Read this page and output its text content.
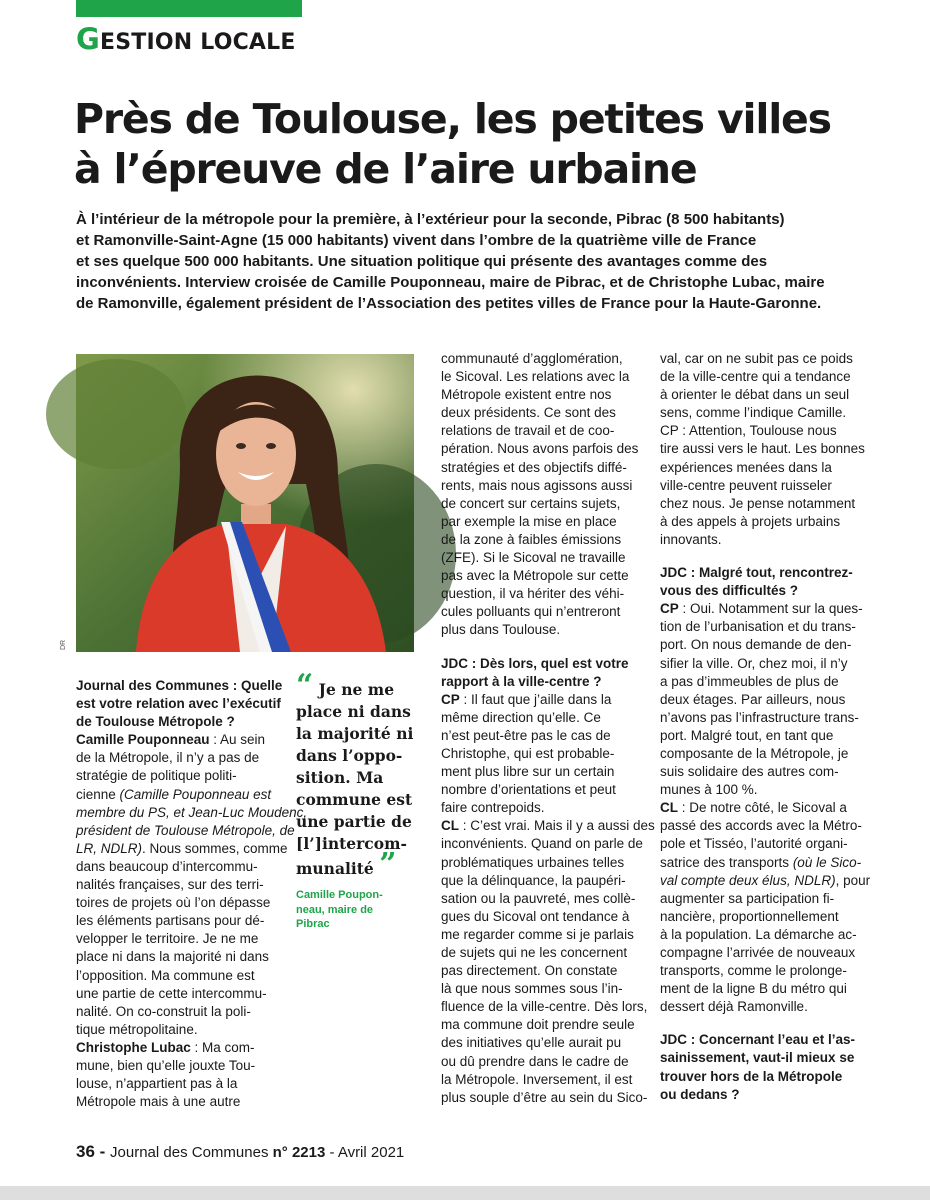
GESTION LOCALE
Près de Toulouse, les petites villes
à l’épreuve de l’aire urbaine
À l’intérieur de la métropole pour la première, à l’extérieur pour la seconde, Pibrac (8 500 habitants)
et Ramonville-Saint-Agne (15 000 habitants) vivent dans l’ombre de la quatrième ville de France
et ses quelque 500 000 habitants. Une situation politique qui présente des avantages comme des
inconvénients. Interview croisée de Camille Pouponneau, maire de Pibrac, et de Christophe Lubac, maire
de Ramonville, également président de l’Association des petites villes de France pour la Haute-Garonne.
DR
Journal des Communes : Quelle
est votre relation avec l’exécutif
de Toulouse Métropole ?
Camille Pouponneau : Au sein
de la Métropole, il n’y a pas de
stratégie de politique politi-
cienne (Camille Pouponneau est
membre du PS, et Jean-Luc Moudenc,
président de Toulouse Métropole, de
LR, NDLR). Nous sommes, comme
dans beaucoup d’intercommu-
nalités françaises, sur des terri-
toires de projets où l’on dépasse
les éléments partisans pour dé-
velopper le territoire. Je ne me
place ni dans la majorité ni dans
l’opposition. Ma commune est
une partie de cette intercommu-
nalité. On co-construit la poli-
tique métropolitaine.
Christophe Lubac : Ma com-
mune, bien qu’elle jouxte Tou-
louse, n’appartient pas à la
Métropole mais à une autre
“ Je ne me
place ni dans
la majorité ni
dans l’oppo-
sition. Ma
commune est
une partie de
[l’]intercom-
munalité ”
Camille Poupon-
neau, maire de
Pibrac
communauté d’agglomération,
le Sicoval. Les relations avec la
Métropole existent entre nos
deux présidents. Ce sont des
relations de travail et de coo-
pération. Nous avons parfois des
stratégies et des objectifs diffé-
rents, mais nous agissons aussi
de concert sur certains sujets,
par exemple la mise en place
de la zone à faibles émissions
(ZFE). Si le Sicoval ne travaille
pas avec la Métropole sur cette
question, il va hériter des véhi-
cules polluants qui n’entreront
plus dans Toulouse.
JDC : Dès lors, quel est votre
rapport à la ville-centre ?
CP : Il faut que j’aille dans la
même direction qu’elle. Ce
n’est peut-être pas le cas de
Christophe, qui est probable-
ment plus libre sur un certain
nombre d’orientations et peut
faire contrepoids.
CL : C’est vrai. Mais il y a aussi des
inconvénients. Quand on parle de
problématiques urbaines telles
que la délinquance, la paupéri-
sation ou la pauvreté, mes collè-
gues du Sicoval ont tendance à
me regarder comme si je parlais
de sujets qui ne les concernent
pas directement. On constate
là que nous sommes sous l’in-
fluence de la ville-centre. Dès lors,
ma commune doit prendre seule
des initiatives qu’elle aurait pu
ou dû prendre dans le cadre de
la Métropole. Inversement, il est
plus souple d’être au sein du Sico-
val, car on ne subit pas ce poids
de la ville-centre qui a tendance
à orienter le débat dans un seul
sens, comme l’indique Camille.
CP : Attention, Toulouse nous
tire aussi vers le haut. Les bonnes
expériences menées dans la
ville-centre peuvent ruisseler
chez nous. Je pense notamment
à des appels à projets urbains
innovants.
JDC : Malgré tout, rencontrez-
vous des difficultés ?
CP : Oui. Notamment sur la ques-
tion de l’urbanisation et du trans-
port. On nous demande de den-
sifier la ville. Or, chez moi, il n’y
a pas d’immeubles de plus de
deux étages. Par ailleurs, nous
n’avons pas l’infrastructure trans-
port. Malgré tout, en tant que
composante de la Métropole, je
suis solidaire des autres com-
munes à 100 %.
CL : De notre côté, le Sicoval a
passé des accords avec la Métro-
pole et Tisséo, l’autorité organi-
satrice des transports (où le Sico-
val compte deux élus, NDLR), pour
augmenter sa participation fi-
nancière, proportionnellement
à la population. La démarche ac-
compagne l’arrivée de nouveaux
transports, comme le prolonge-
ment de la ligne B du métro qui
dessert déjà Ramonville.
JDC : Concernant l’eau et l’as-
sainissement, vaut-il mieux se
trouver hors de la Métropole
ou dedans ?
36 - Journal des Communes n° 2213 - Avril 2021
